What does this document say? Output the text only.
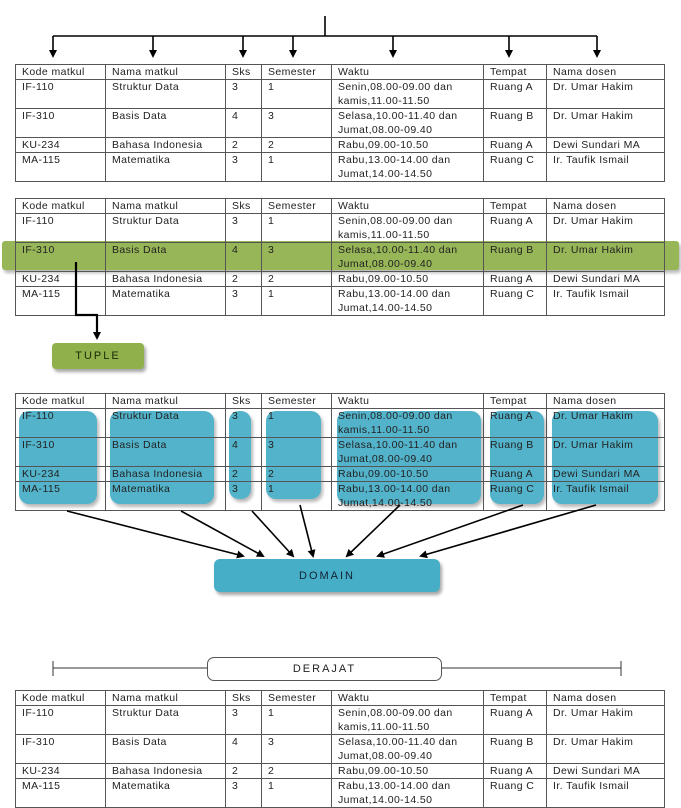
Kode matkul	Nama matkul	Sks	Semester	Waktu	Tempat	Nama dosen
IF-110	Struktur Data	3	1	Senin,08.00-09.00 dan
kamis,11.00-11.50	Ruang A	Dr. Umar Hakim
IF-310	Basis Data	4	3	Selasa,10.00-11.40 dan
Jumat,08.00-09.40	Ruang B	Dr. Umar Hakim
KU-234	Bahasa Indonesia	2	2	Rabu,09.00-10.50	Ruang A	Dewi Sundari MA
MA-115	Matematika	3	1	Rabu,13.00-14.00 dan
Jumat,14.00-14.50	Ruang C	Ir. Taufik Ismail
Kode matkul	Nama matkul	Sks	Semester	Waktu	Tempat	Nama dosen
IF-110	Struktur Data	3	1	Senin,08.00-09.00 dan
kamis,11.00-11.50	Ruang A	Dr. Umar Hakim
IF-310	Basis Data	4	3	Selasa,10.00-11.40 dan
Jumat,08.00-09.40	Ruang B	Dr. Umar Hakim
KU-234	Bahasa Indonesia	2	2	Rabu,09.00-10.50	Ruang A	Dewi Sundari MA
MA-115	Matematika	3	1	Rabu,13.00-14.00 dan
Jumat,14.00-14.50	Ruang C	Ir. Taufik Ismail
Kode matkul	Nama matkul	Sks	Semester	Waktu	Tempat	Nama dosen
IF-110	Struktur Data	3	1	Senin,08.00-09.00 dan
kamis,11.00-11.50	Ruang A	Dr. Umar Hakim
IF-310	Basis Data	4	3	Selasa,10.00-11.40 dan
Jumat,08.00-09.40	Ruang B	Dr. Umar Hakim
KU-234	Bahasa Indonesia	2	2	Rabu,09.00-10.50	Ruang A	Dewi Sundari MA
MA-115	Matematika	3	1	Rabu,13.00-14.00 dan
Jumat,14.00-14.50	Ruang C	Ir. Taufik Ismail
Kode matkul	Nama matkul	Sks	Semester	Waktu	Tempat	Nama dosen
IF-110	Struktur Data	3	1	Senin,08.00-09.00 dan
kamis,11.00-11.50	Ruang A	Dr. Umar Hakim
IF-310	Basis Data	4	3	Selasa,10.00-11.40 dan
Jumat,08.00-09.40	Ruang B	Dr. Umar Hakim
KU-234	Bahasa Indonesia	2	2	Rabu,09.00-10.50	Ruang A	Dewi Sundari MA
MA-115	Matematika	3	1	Rabu,13.00-14.00 dan
Jumat,14.00-14.50	Ruang C	Ir. Taufik Ismail
TUPLE
DOMAIN
DERAJAT
